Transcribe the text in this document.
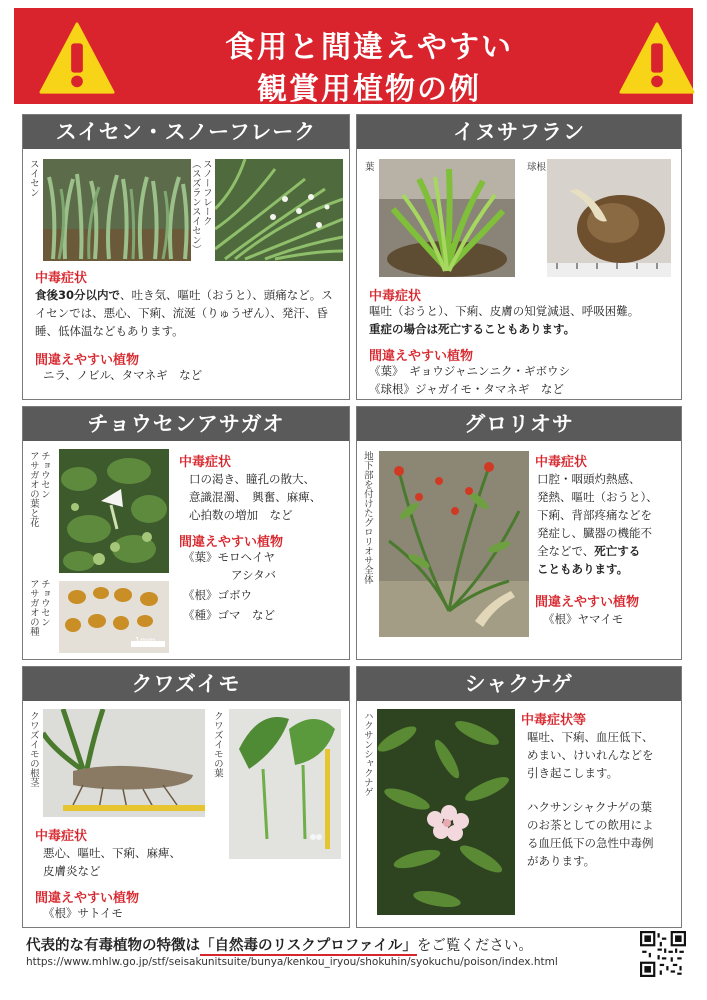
食用と間違えやすい
観賞用植物の例
スイセン・スノーフレーク
スイセン	スノーフレーク
（スズランスイセン）
中毒症状
食後30分以内で、吐き気、嘔吐（おうと）、頭痛など。スイセンでは、悪心、下痢、流涎（りゅうぜん）、発汗、昏睡、低体温などもあります。
間違えやすい植物
ニラ、ノビル、タマネギ　など
イヌサフラン
葉	球根
中毒症状
嘔吐（おうと）、下痢、皮膚の知覚減退、呼吸困難。
重症の場合は死亡することもあります。
間違えやすい植物
《葉》　ギョウジャニンニク・ギボウシ
《球根》ジャガイモ・タマネギ　など
チョウセンアサガオ
チョウセン
アサガオの葉と花
チョウセン
アサガオの種
1mm
中毒症状
口の渇き、瞳孔の散大、
意識混濁、　興奮、麻痺、
心拍数の増加　など
間違えやすい植物
《葉》モロヘイヤ
アシタバ
《根》ゴボウ
《種》ゴマ　など
グロリオサ
地下部を付けたグロリオサ全体	中毒症状
口腔・咽頭灼熱感、
発熱、嘔吐（おうと）、
下痢、背部疼痛などを
発症し、臓器の機能不
全などで、死亡する
こともあります。
間違えやすい植物
《根》ヤマイモ
クワズイモ
クワズイモの根茎	クワズイモの葉
中毒症状
悪心、嘔吐、下痢、麻痺、
皮膚炎など
間違えやすい植物
《根》サトイモ
シャクナゲ
ハクサンシャクナゲ	中毒症状等
嘔吐、下痢、血圧低下、
めまい、けいれんなどを
引き起こします。
ハクサンシャクナゲの葉
のお茶としての飲用によ
る血圧低下の急性中毒例
があります。
代表的な有毒植物の特徴は「自然毒のリスクプロファイル」をご覧ください。
https://www.mhlw.go.jp/stf/seisakunitsuite/bunya/kenkou_iryou/shokuhin/syokuchu/poison/index.html
